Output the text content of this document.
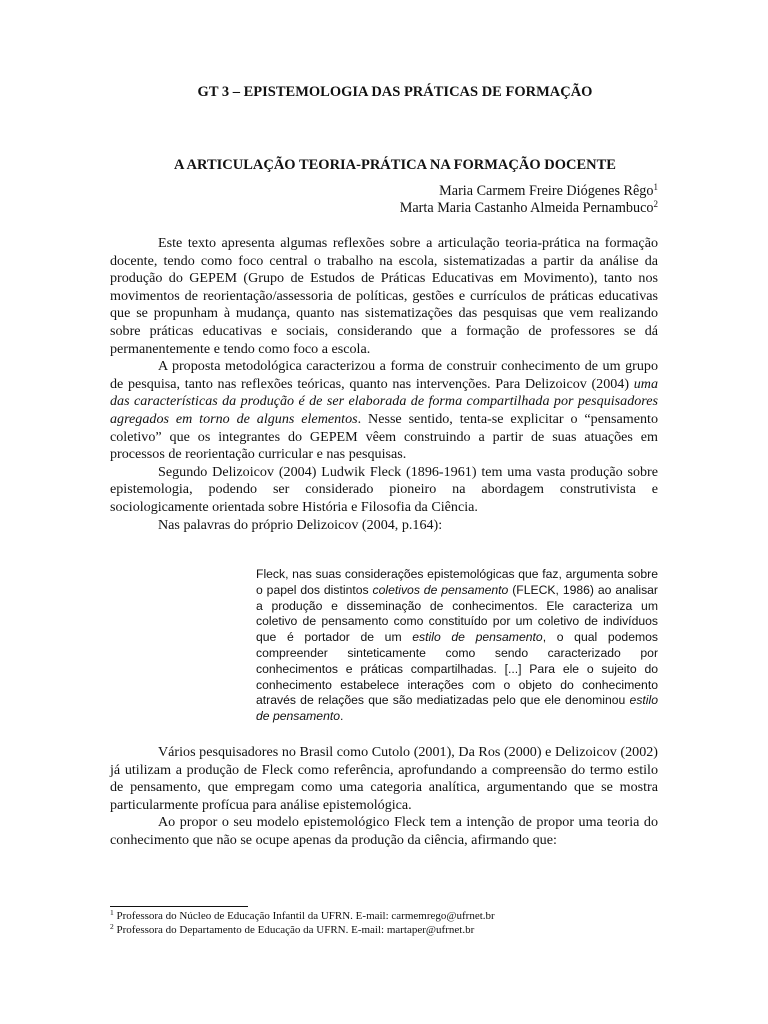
GT 3 – EPISTEMOLOGIA DAS PRÁTICAS DE FORMAÇÃO
A ARTICULAÇÃO TEORIA-PRÁTICA NA FORMAÇÃO DOCENTE
Maria Carmem Freire Diógenes Rêgo$^1$
Marta Maria Castanho Almeida Pernambuco$^2$

Este texto apresenta algumas reflexões sobre a articulação teoria-prática na formação docente, tendo como foco central o trabalho na escola, sistematizadas a partir da análise da produção do GEPEM (Grupo de Estudos de Práticas Educativas em Movimento), tanto nos movimentos de reorientação/assessoria de políticas, gestões e currículos de práticas educativas que se propunham à mudança, quanto nas sistematizações das pesquisas que vem realizando sobre práticas educativas e sociais, considerando que a formação de professores se dá permanentemente e tendo como foco a escola.

A proposta metodológica caracterizou a forma de construir conhecimento de um grupo de pesquisa, tanto nas reflexões teóricas, quanto nas intervenções. Para Delizoicov (2004) uma das características da produção é de ser elaborada de forma compartilhada por pesquisadores agregados em torno de alguns elementos. Nesse sentido, tenta-se explicitar o “pensamento coletivo” que os integrantes do GEPEM vêem construindo a partir de suas atuações em processos de reorientação curricular e nas pesquisas.

Segundo Delizoicov (2004) Ludwik Fleck (1896-1961) tem uma vasta produção sobre epistemologia, podendo ser considerado pioneiro na abordagem construtivista e sociologicamente orientada sobre História e Filosofia da Ciência.

Nas palavras do próprio Delizoicov (2004, p.164):

Fleck, nas suas considerações epistemológicas que faz, argumenta sobre o papel dos distintos coletivos de pensamento (FLECK, 1986) ao analisar a produção e disseminação de conhecimentos. Ele caracteriza um coletivo de pensamento como constituído por um coletivo de indivíduos que é portador de um estilo de pensamento, o qual podemos compreender sinteticamente como sendo caracterizado por conhecimentos e práticas compartilhadas. [...] Para ele o sujeito do conhecimento estabelece interações com o objeto do conhecimento através de relações que são mediatizadas pelo que ele denominou estilo de pensamento.

Vários pesquisadores no Brasil como Cutolo (2001), Da Ros (2000) e Delizoicov (2002) já utilizam a produção de Fleck como referência, aprofundando a compreensão do termo estilo de pensamento, que empregam como uma categoria analítica, argumentando que se mostra particularmente profícua para análise epistemológica.

Ao propor o seu modelo epistemológico Fleck tem a intenção de propor uma teoria do conhecimento que não se ocupe apenas da produção da ciência, afirmando que:

$^1$ Professora do Núcleo de Educação Infantil da UFRN. E-mail: carmemrego@ufrnet.br
$^2$ Professora do Departamento de Educação da UFRN. E-mail: martaper@ufrnet.br
